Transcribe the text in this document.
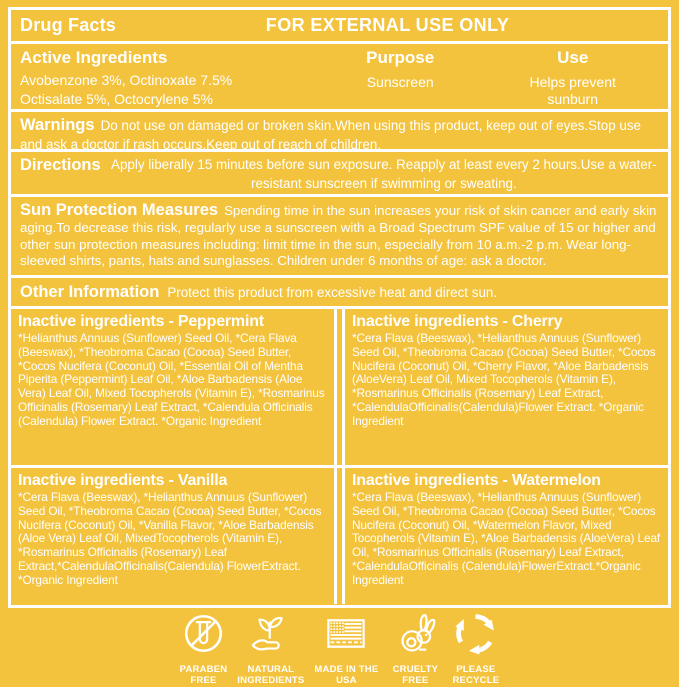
Drug Facts	FOR EXTERNAL USE ONLY
Active Ingredients
Avobenzone 3%, Octinoxate 7.5%
Octisalate 5%, Octocrylene 5%
Purpose
Sunscreen
Use
Helps prevent sunburn
Warnings Do not use on damaged or broken skin.When using this product, keep out of eyes.Stop use and ask a doctor if rash occurs.Keep out of reach of children.
Directions Apply liberally 15 minutes before sun exposure. Reapply at least every 2 hours.Use a water-resistant sunscreen if swimming or sweating.
Sun Protection Measures Spending time in the sun increases your risk of skin cancer and early skin aging.To decrease this risk, regularly use a sunscreen with a Broad Spectrum SPF value of 15 or higher and other sun protection measures including: limit time in the sun, especially from 10 a.m.-2 p.m. Wear long-sleeved shirts, pants, hats and sunglasses. Children under 6 months of age: ask a doctor.
Other Information Protect this product from excessive heat and direct sun.
Inactive ingredients - Peppermint
*Helianthus Annuus (Sunflower) Seed Oil, *Cera Flava (Beeswax), *Theobroma Cacao (Cocoa) Seed Butter, *Cocos Nucifera (Coconut) Oil, *Essential Oil of Mentha Piperita (Peppermint) Leaf Oil, *Aloe Barbadensis (Aloe Vera) Leaf Oil, Mixed Tocopherols (Vitamin E), *Rosmarinus Officinalis (Rosemary) Leaf Extract, *Calendula Officinalis (Calendula) Flower Extract. *Organic Ingredient
Inactive ingredients - Cherry
*Cera Flava (Beeswax), *Helianthus Annuus (Sunflower) Seed Oil, *Theobroma Cacao (Cocoa) Seed Butter, *Cocos Nucifera (Coconut) Oil, *Cherry Flavor, *Aloe Barbadensis (AloeVera) Leaf Oil, Mixed Tocopherols (Vitamin E), *Rosmarinus Officinalis (Rosemary) Leaf Extract, *CalendulaOfficinalis(Calendula)Flower Extract. *Organic Ingredient
Inactive ingredients - Vanilla
*Cera Flava (Beeswax), *Helianthus Annuus (Sunflower) Seed Oil, *Theobroma Cacao (Cocoa) Seed Butter, *Cocos Nucifera (Coconut) Oil, *Vanilla Flavor, *Aloe Barbadensis (Aloe Vera) Leaf Oil, MixedTocopherols (Vitamin E), *Rosmarinus Officinalis (Rosemary) Leaf Extract,*CalendulaOfficinalis(Calendula) FlowerExtract. *Organic Ingredient
Inactive ingredients - Watermelon
*Cera Flava (Beeswax), *Helianthus Annuus (Sunflower) Seed Oil, *Theobroma Cacao (Cocoa) Seed Butter, *Cocos Nucifera (Coconut) Oil, *Watermelon Flavor, Mixed Tocopherols (Vitamin E), *Aloe Barbadensis (AloeVera) Leaf Oil, *Rosmarinus Officinalis (Rosemary) Leaf Extract, *CalendulaOfficinalis (Calendula)FlowerExtract.*Organic Ingredient
PARABEN
FREE
NATURAL
INGREDIENTS
MADE IN THE
USA
CRUELTY
FREE
PLEASE
RECYCLE
